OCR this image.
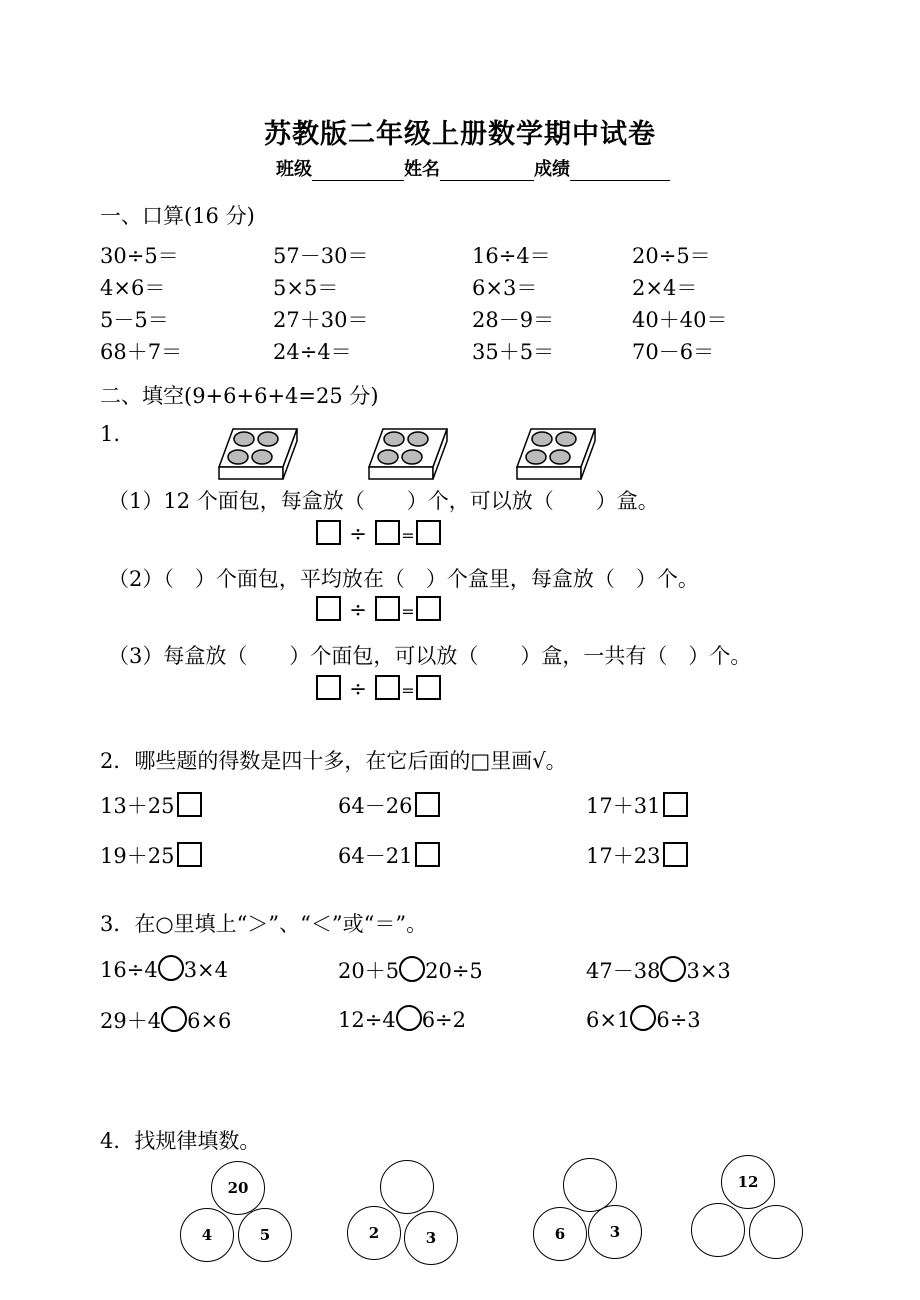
苏教版二年级上册数学期中试卷
班级	姓名	成绩
一、口算(16 分)
30÷5＝	57－30＝	16÷4＝	20÷5＝
4×6＝	5×5＝	6×3＝	2×4＝
5－5＝	27＋30＝	28－9＝	40＋40＝
68＋7＝	24÷4＝	35＋5＝	70－6＝
二、填空(9+6+6+4=25 分)
1.
（1）12 个面包，每盒放（　　）个，可以放（　　）盒。
÷ =
（2）（　）个面包，平均放在（　）个盒里，每盒放（　）个。
÷ =
（3）每盒放（　　）个面包，可以放（　　）盒，一共有（　）个。
÷ =
2．哪些题的得数是四十多，在它后面的□里画√。
13＋25	64－26	17＋31
19＋25	64－21	17＋23
3．在○里填上“＞”、“＜”或“＝”。
16÷4 3×4	20＋5 20÷5	47－38 3×3
29＋4 6×6	12÷4 6÷2	6×1 6÷3
4．找规律填数。
20
4	5	2	3	6	3
12
